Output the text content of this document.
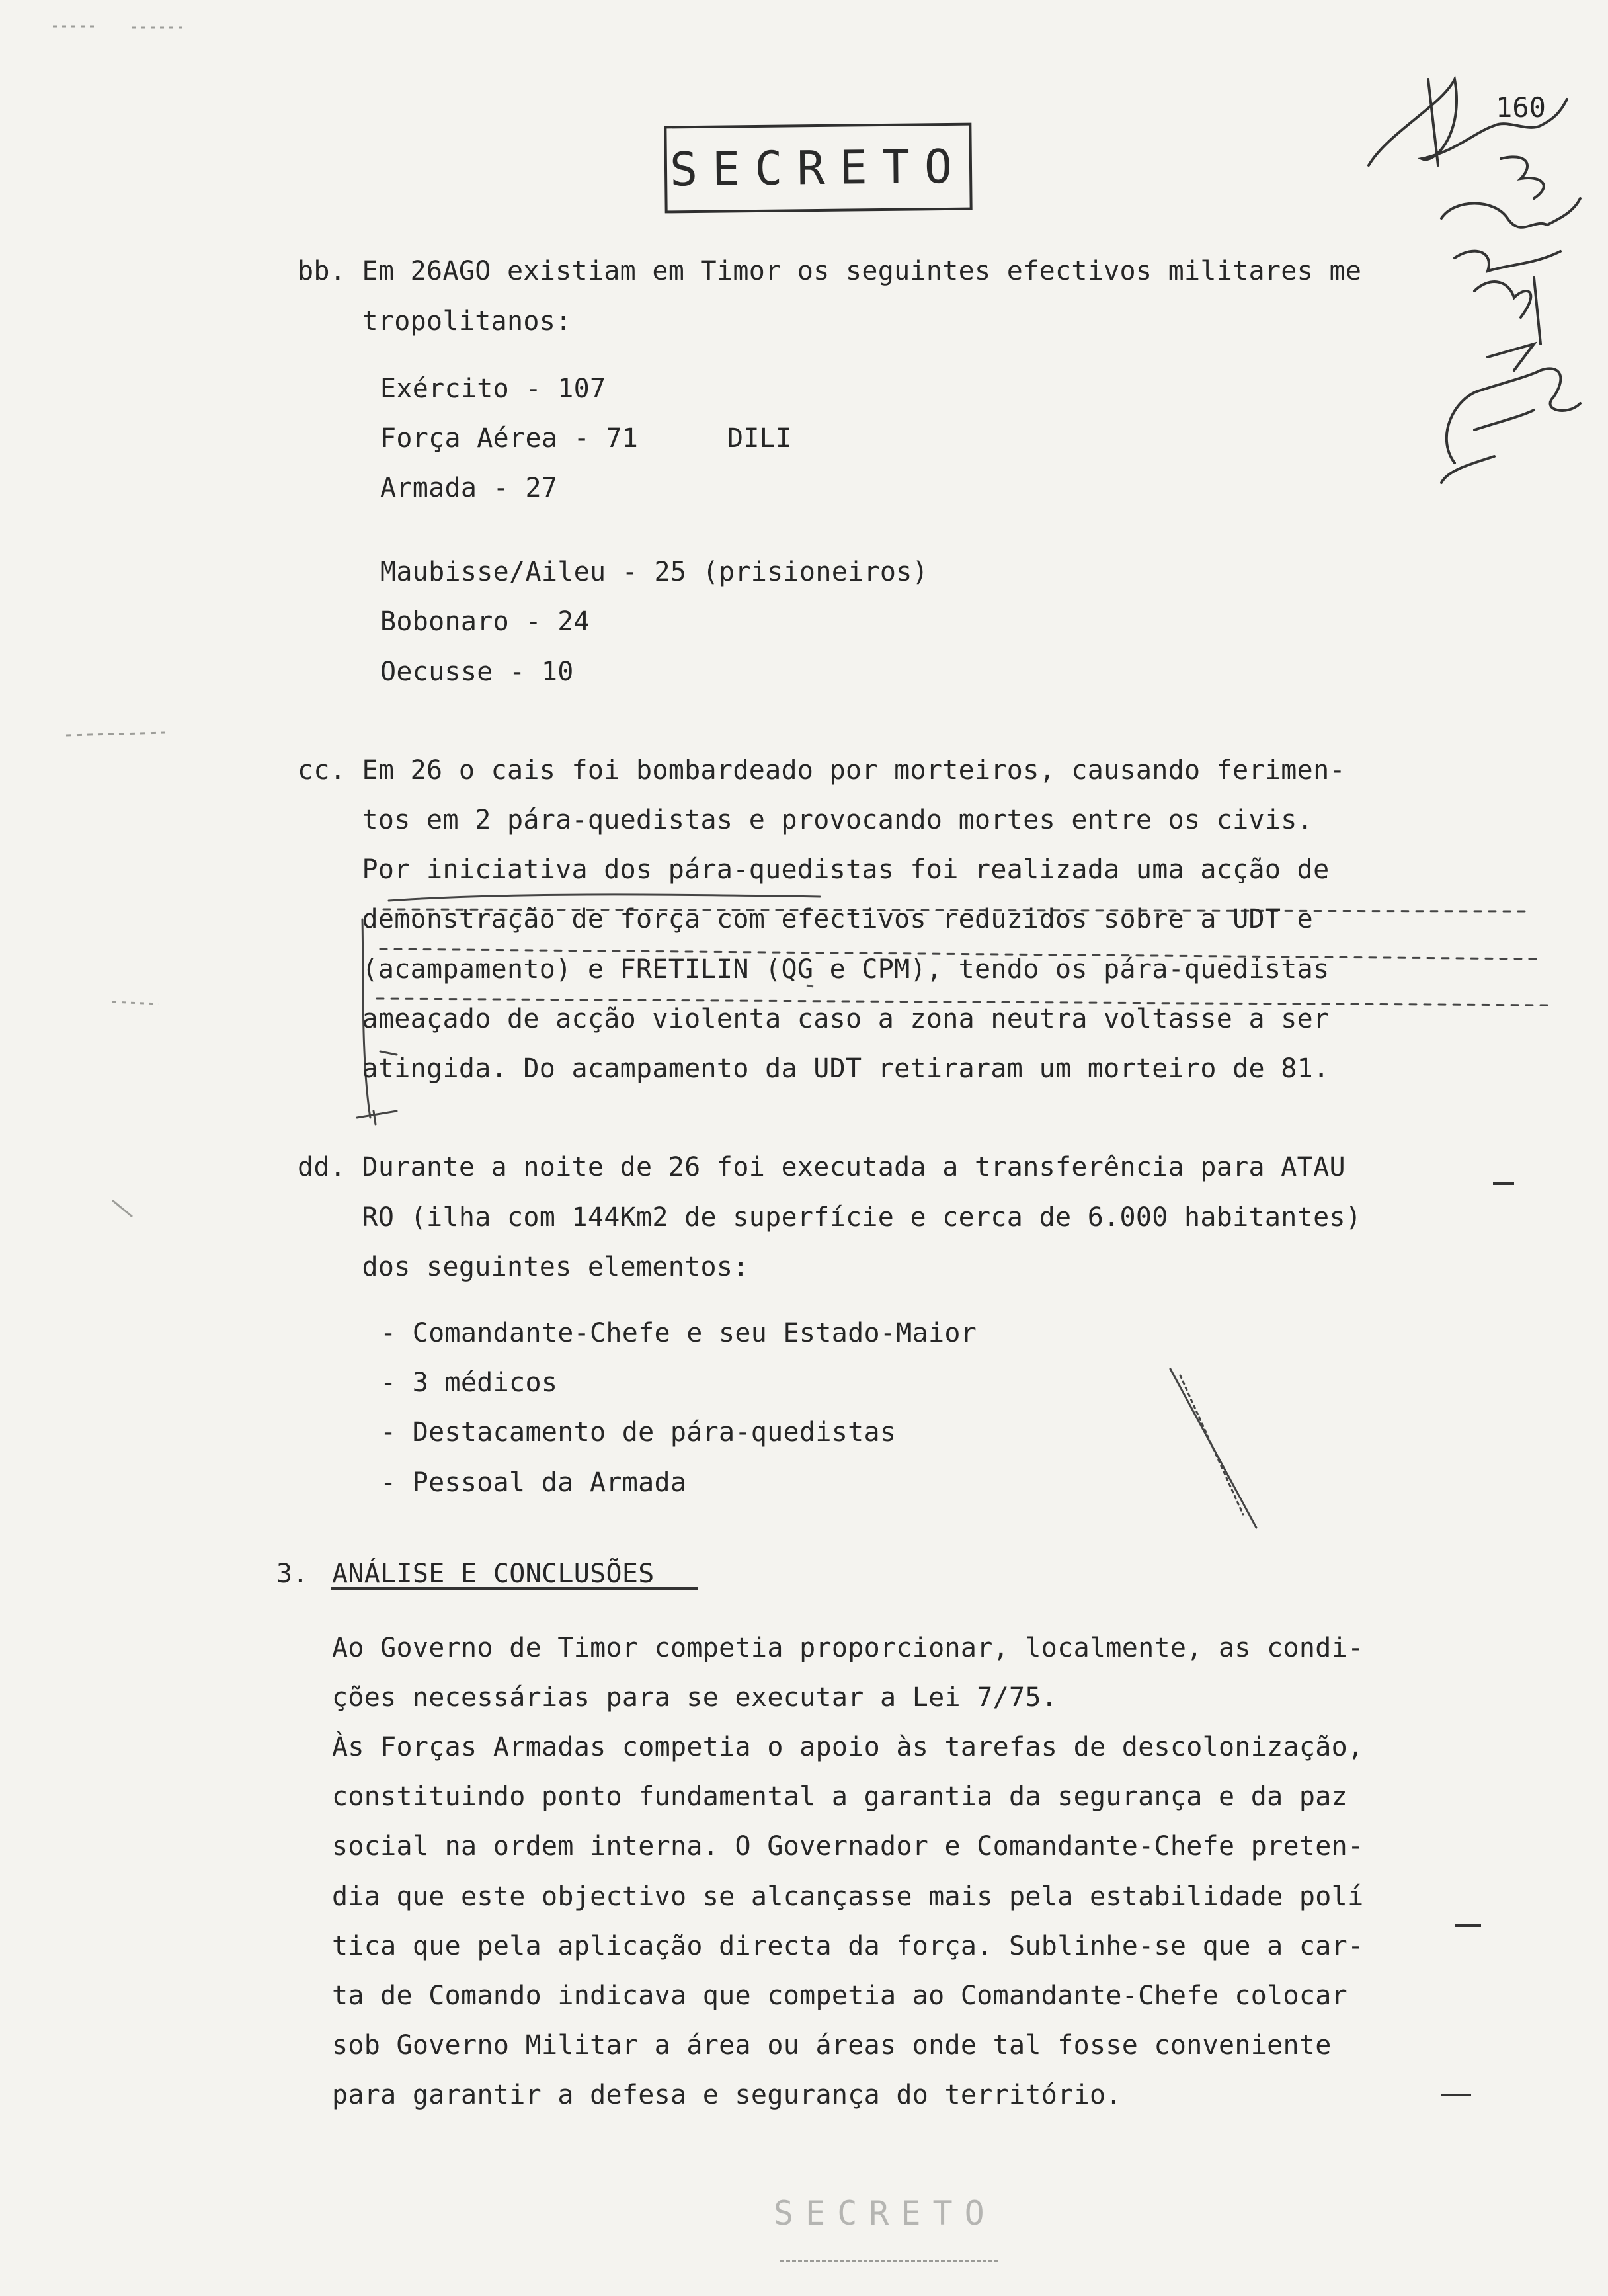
SECRETO
160
bb. Em 26AGO existiam em Timor os seguintes efectivos militares me
tropolitanos:
Exército - 107
Força Aérea - 71	DILI
Armada - 27
Maubisse/Aileu - 25 (prisioneiros)
Bobonaro - 24
Oecusse - 10
cc. Em 26 o cais foi bombardeado por morteiros, causando ferimen-
tos em 2 pára-quedistas e provocando mortes entre os civis.
Por iniciativa dos pára-quedistas foi realizada uma acção de
demonstração de força com efectivos reduzidos sobre a UDT e
(acampamento) e FRETILIN (QG e CPM), tendo os pára-quedistas
ameaçado de acção violenta caso a zona neutra voltasse a ser
atingida. Do acampamento da UDT retiraram um morteiro de 81.
dd. Durante a noite de 26 foi executada a transferência para ATAU
RO (ilha com 144Km2 de superfície e cerca de 6.000 habitantes)
dos seguintes elementos:
- Comandante-Chefe e seu Estado-Maior
- 3 médicos
- Destacamento de pára-quedistas
- Pessoal da Armada
3. ANÁLISE E CONCLUSÕES
Ao Governo de Timor competia proporcionar, localmente, as condi-
ções necessárias para se executar a Lei 7/75.
Às Forças Armadas competia o apoio às tarefas de descolonização,
constituindo ponto fundamental a garantia da segurança e da paz
social na ordem interna. O Governador e Comandante-Chefe preten-
dia que este objectivo se alcançasse mais pela estabilidade polí
tica que pela aplicação directa da força. Sublinhe-se que a car-
ta de Comando indicava que competia ao Comandante-Chefe colocar
sob Governo Militar a área ou áreas onde tal fosse conveniente
para garantir a defesa e segurança do território.
SECRETO
